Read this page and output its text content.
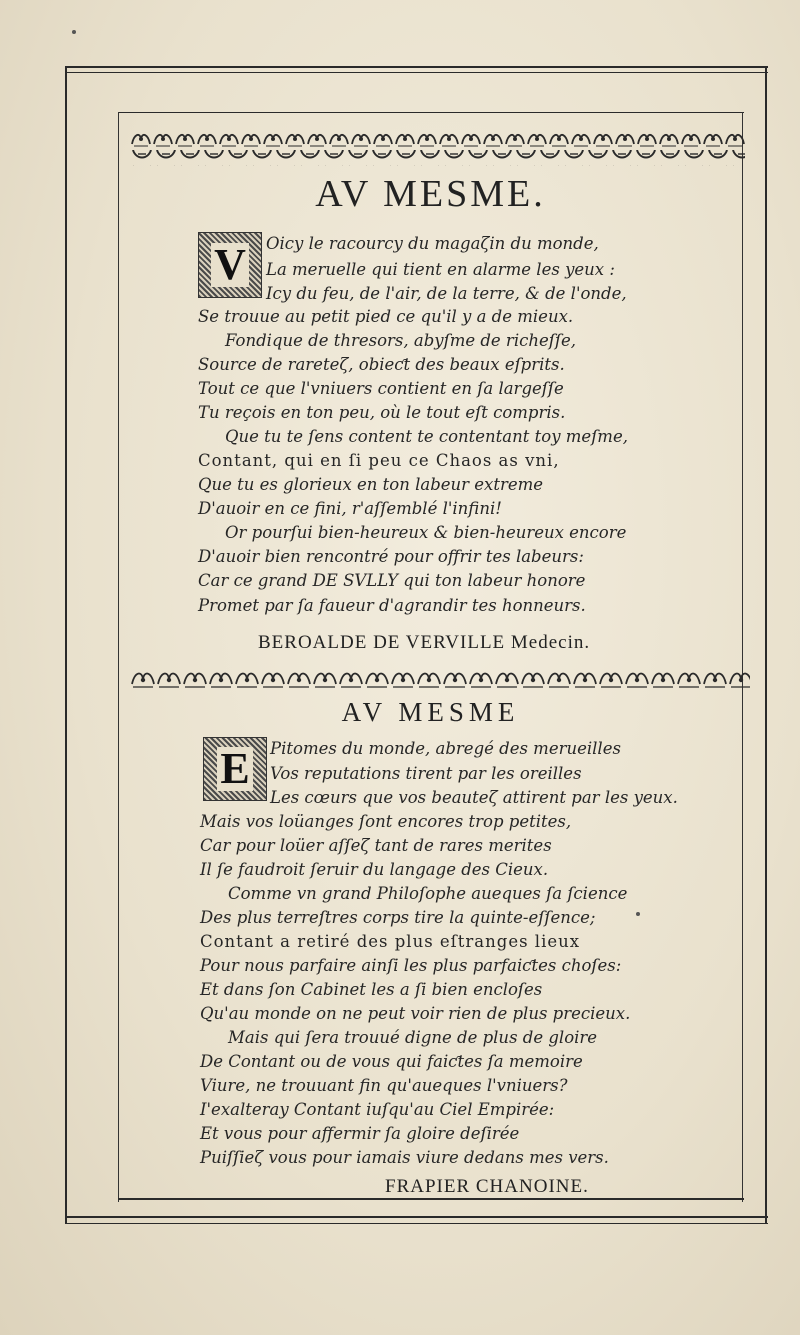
AV MESME.
V Oicy le racourcy du magaζin du monde,

La meruelle qui tient en alarme les yeux :

Icy du feu, de l'air, de la terre, & de l'onde,

Se trouue au petit pied ce qu'il y a de mieux.

Fondique de thresors, abyſme de richeſſe,

Source de rareteζ, obieƈt des beaux eſprits.

Tout ce que l'vniuers contient en ſa largeſſe

Tu reçois en ton peu, où le tout eſt compris.

Que tu te ſens content te contentant toy meſme,

Contant, qui en ſi peu ce Chaos as vni,

Que tu es glorieux en ton labeur extreme

D'auoir en ce fini, r'aſſemblé l'infini!

Or pourſui bien-heureux & bien-heureux encore

D'auoir bien rencontré pour offrir tes labeurs:

Car ce grand DE SVLLY qui ton labeur honore

Promet par ſa faueur d'agrandir tes honneurs.

BEROALDE DE VERVILLE Medecin.

AV MESME
E Pitomes du monde, abregé des merueilles

Vos reputations tirent par les oreilles

Les cœurs que vos beauteζ attirent par les yeux.

Mais vos loüanges ſont encores trop petites,

Car pour loüer aſſeζ tant de rares merites

Il ſe faudroit ſeruir du langage des Cieux.

Comme vn grand Philoſophe aueques ſa ſcience

Des plus terreſtres corps tire la quinte-eſſence;

Contant a retiré des plus eſtranges lieux

Pour nous parfaire ainſi les plus parfaiƈtes choſes:

Et dans ſon Cabinet les a ſi bien encloſes

Qu'au monde on ne peut voir rien de plus precieux.

Mais qui ſera trouué digne de plus de gloire

De Contant ou de vous qui faiƈtes ſa memoire

Viure, ne trouuant fin qu'aueques l'vniuers?

I'exalteray Contant iuſqu'au Ciel Empirée:

Et vous pour affermir ſa gloire deſirée

Puiſſieζ vous pour iamais viure dedans mes vers.

FRAPIER CHANOINE.
